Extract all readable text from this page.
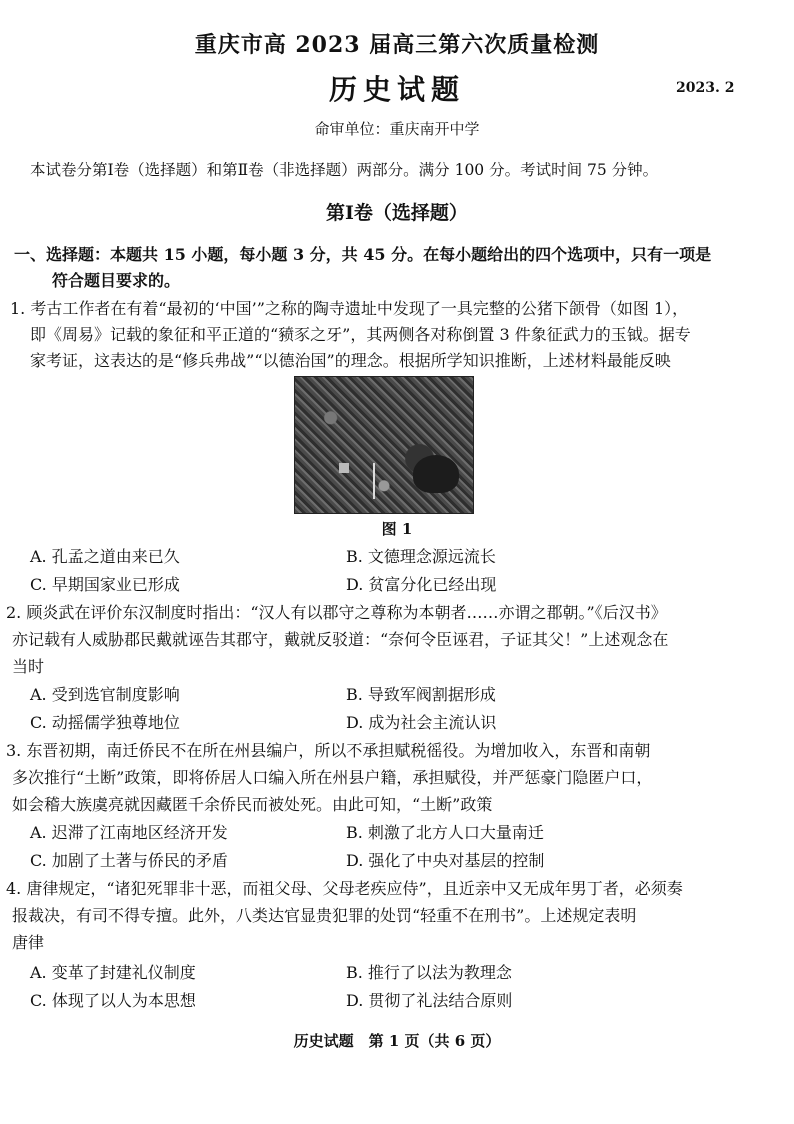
重庆市高 2023 届高三第六次质量检测
历史试题	2023. 2
命审单位：重庆南开中学
本试卷分第Ⅰ卷（选择题）和第Ⅱ卷（非选择题）两部分。满分 100 分。考试时间 75 分钟。
第Ⅰ卷（选择题）
一、选择题：本题共 15 小题，每小题 3 分，共 45 分。在每小题给出的四个选项中，只有一项是
符合题目要求的。
1. 考古工作者在有着“最初的‘中国’”之称的陶寺遗址中发现了一具完整的公猪下颌骨（如图 1），
即《周易》记载的象征和平正道的“豮豕之牙”，其两侧各对称倒置 3 件象征武力的玉钺。据专
家考证，这表达的是“修兵弗战”“以德治国”的理念。根据所学知识推断，上述材料最能反映
图 1
A. 孔孟之道由来已久	B. 文德理念源远流长
C. 早期国家业已形成	D. 贫富分化已经出现
2. 顾炎武在评价东汉制度时指出：“汉人有以郡守之尊称为本朝者……亦谓之郡朝。”《后汉书》
亦记载有人威胁郡民戴就诬告其郡守，戴就反驳道：“奈何令臣诬君，子证其父！”上述观念在
当时
A. 受到选官制度影响	B. 导致军阀割据形成
C. 动摇儒学独尊地位	D. 成为社会主流认识
3. 东晋初期，南迁侨民不在所在州县编户，所以不承担赋税徭役。为增加收入，东晋和南朝
多次推行“土断”政策，即将侨居人口编入所在州县户籍，承担赋役，并严惩豪门隐匿户口，
如会稽大族虞亮就因藏匿千余侨民而被处死。由此可知，“土断”政策
A. 迟滞了江南地区经济开发	B. 刺激了北方人口大量南迁
C. 加剧了土著与侨民的矛盾	D. 强化了中央对基层的控制
4. 唐律规定，“诸犯死罪非十恶，而祖父母、父母老疾应侍”，且近亲中又无成年男丁者，必须奏
报裁决，有司不得专擅。此外，八类达官显贵犯罪的处罚“轻重不在刑书”。上述规定表明
唐律
A. 变革了封建礼仪制度	B. 推行了以法为教理念
C. 体现了以人为本思想	D. 贯彻了礼法结合原则
历史试题　第 1 页（共 6 页）
